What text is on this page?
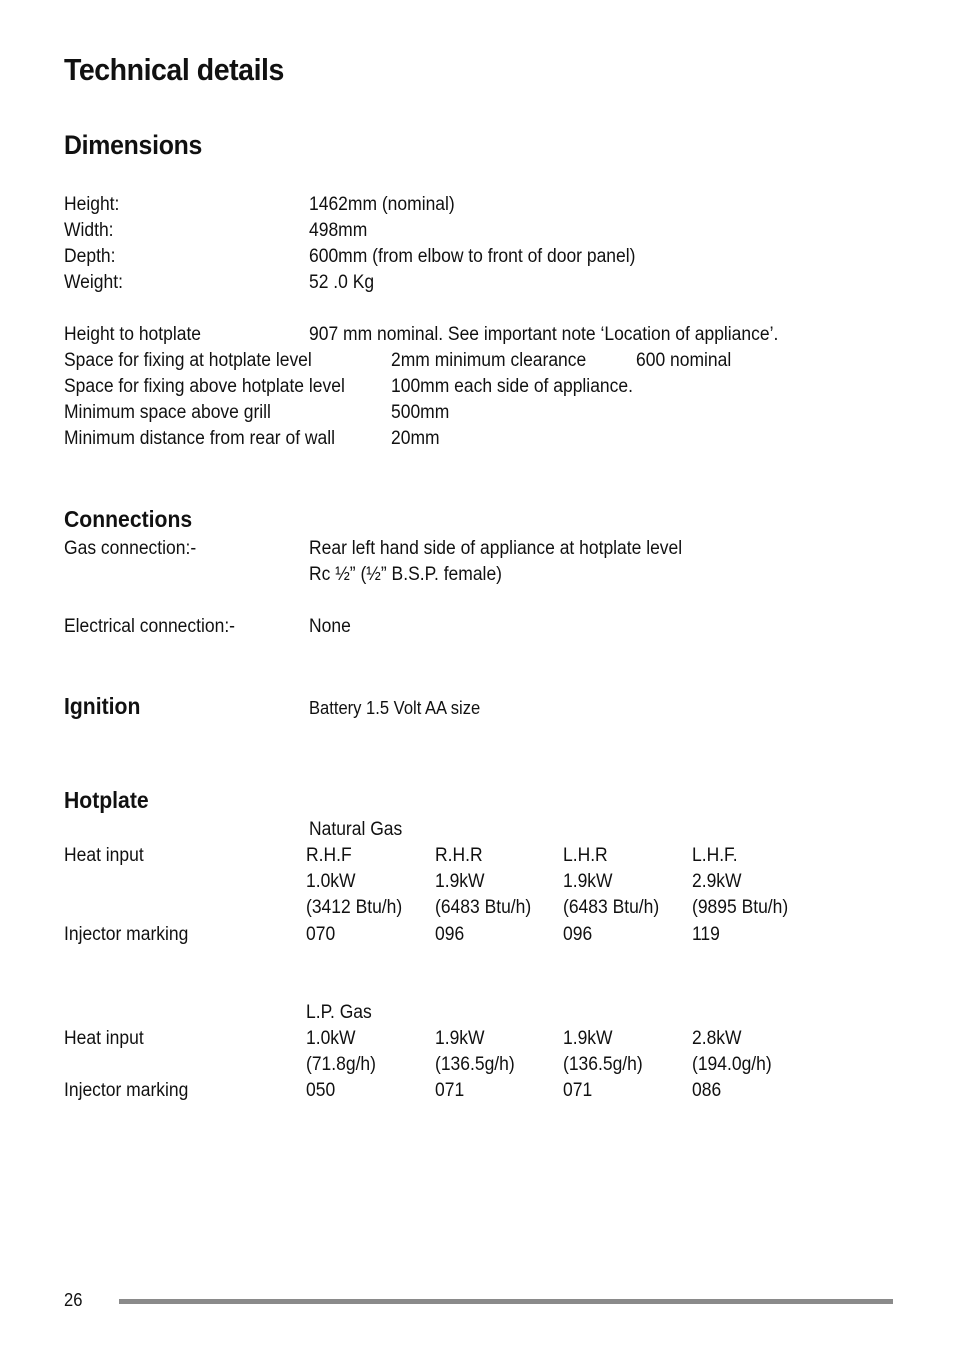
Technical details
Dimensions
Height:	1462mm (nominal)
Width:	498mm
Depth:	600mm (from elbow to front of door panel)
Weight:	52 .0 Kg
Height to hotplate	907 mm nominal. See important note ‘Location of appliance’.
Space for fixing at hotplate level	2mm minimum clearance	600 nominal
Space for fixing above hotplate level 100mm each side of appliance.
Minimum space above grill	500mm
Minimum distance from rear of wall	20mm
Connections
Gas connection:-	Rear left hand side of appliance at hotplate level
Rc ½” (½” B.S.P. female)
Electrical connection:-	None
Ignition	Battery 1.5 Volt AA size
Hotplate
Natural Gas
Heat input	R.H.F	R.H.R	L.H.R	L.H.F.
1.0kW	1.9kW	1.9kW	2.9kW
(3412 Btu/h) (6483 Btu/h) (6483 Btu/h) (9895 Btu/h)
Injector marking	070	096	096	119
L.P. Gas
Heat input	1.0kW	1.9kW	1.9kW	2.8kW
(71.8g/h)	(136.5g/h)	(136.5g/h)	(194.0g/h)
Injector marking	050	071	071	086
26
